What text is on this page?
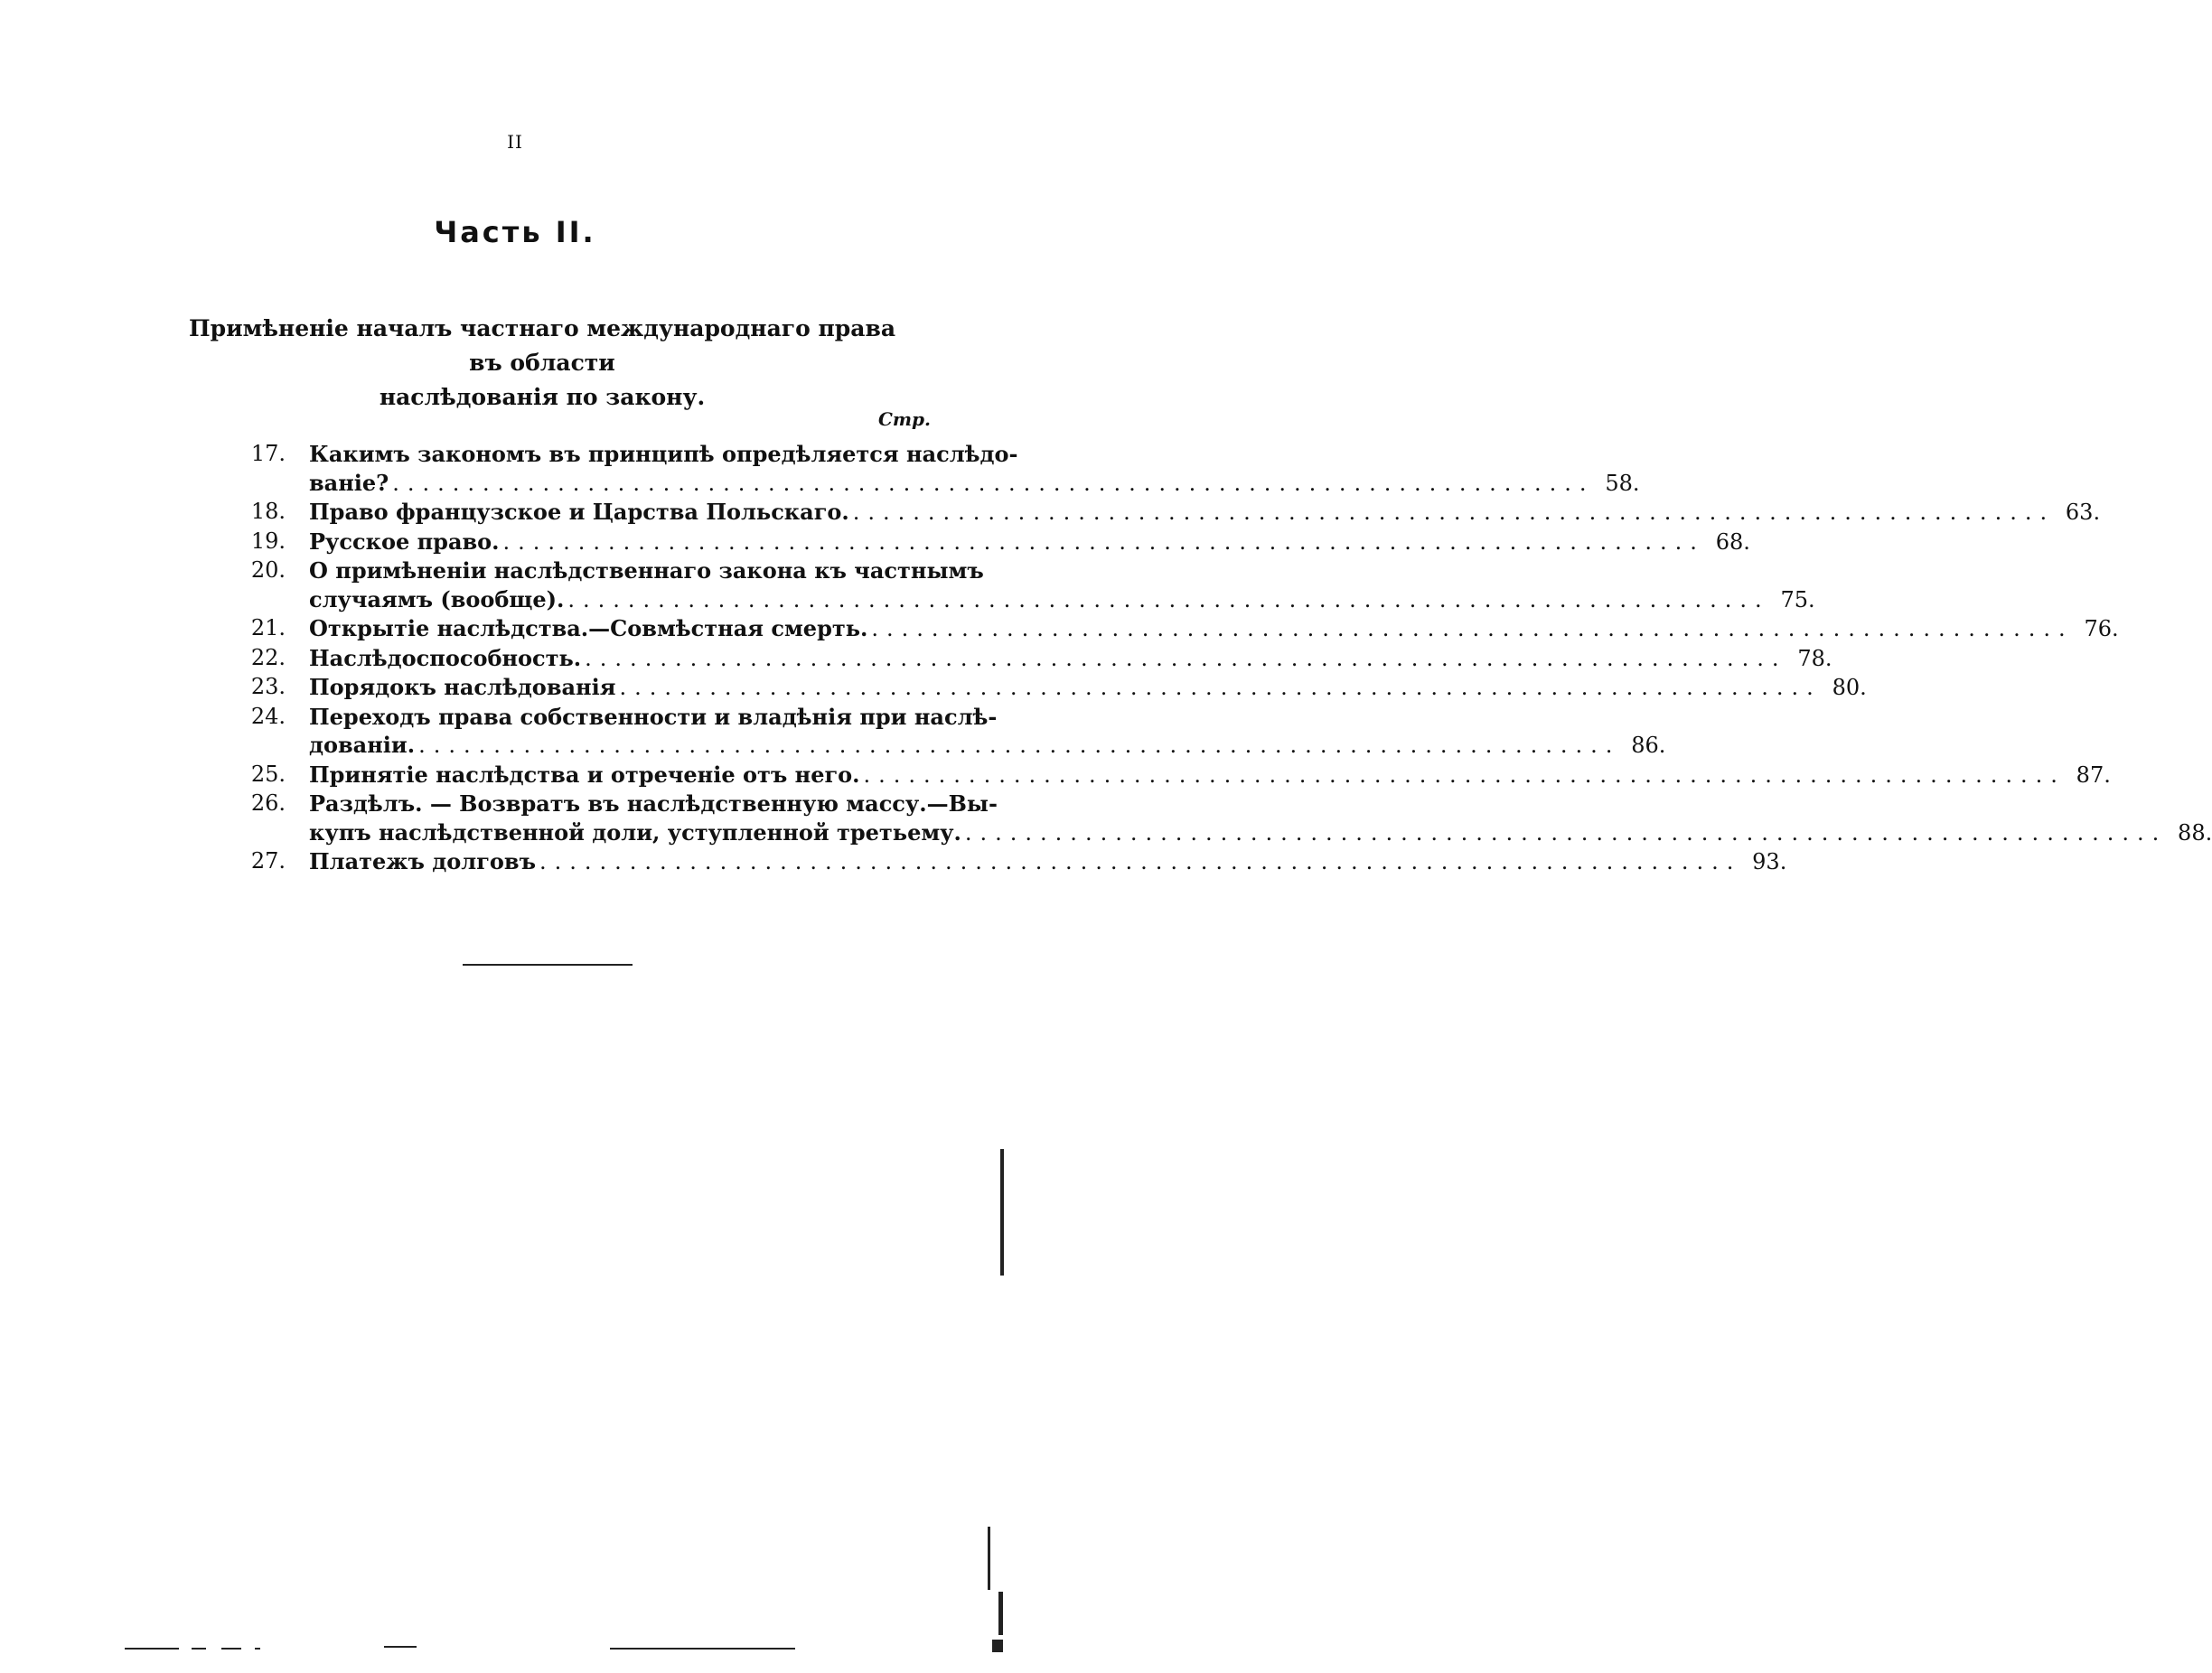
II
Часть II.
Примѣненіе началъ частнаго международнаго права въ области
наслѣдованія по закону.
Стр.
17. Какимъ закономъ въ принципѣ опредѣляется наслѣдо-
ваніе? ................................................................................ 58.
18. Право французское и Царства Польскаго. ................................................................................ 63.
19. Русское право. ................................................................................ 68.
20. О примѣненіи наслѣдственнаго закона къ частнымъ
случаямъ (вообще). ................................................................................ 75.
21. Открытіе наслѣдства.—Совмѣстная смерть. ................................................................................ 76.
22. Наслѣдоспособность. ................................................................................ 78.
23. Порядокъ наслѣдованія ................................................................................ 80.
24. Переходъ права собственности и владѣнія при наслѣ-
дованіи. ................................................................................ 86.
25. Принятіе наслѣдства и отреченіе отъ него. ................................................................................ 87.
26. Раздѣлъ. — Возвратъ въ наслѣдственную массу.—Вы-
купъ наслѣдственной доли, уступленной третьему. ................................................................................ 88.
27. Платежъ долговъ ................................................................................ 93.
